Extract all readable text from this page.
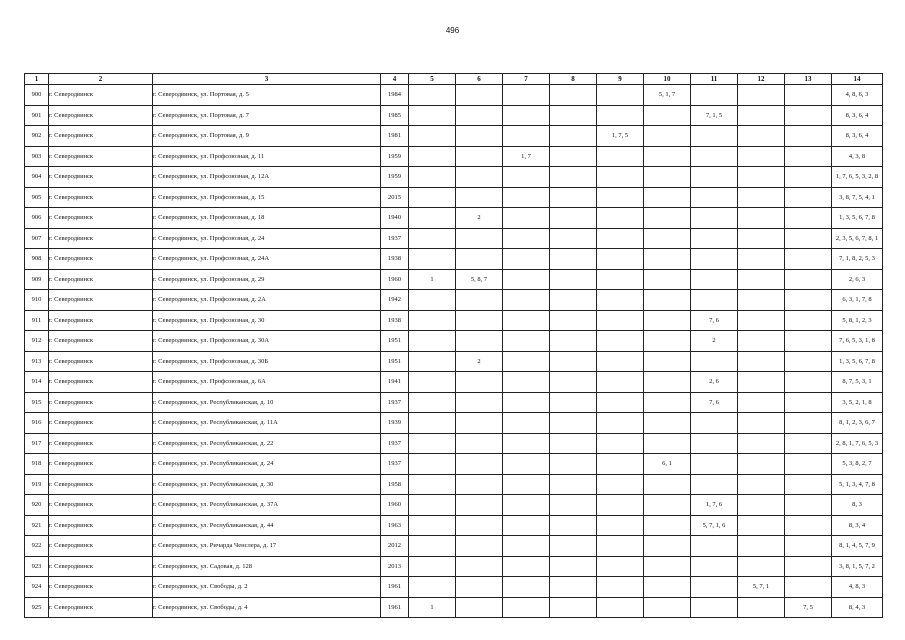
496
1	2	3	4	5	6	7	8	9	10	11	12	13	14
900	г. Северодвинск	г. Северодвинск, ул. Портовая, д. 5	1984						5, 1, 7				4, 8, 6, 3
901	г. Северодвинск	г. Северодвинск, ул. Портовая, д. 7	1985							7, 1, 5			8, 3, 6, 4
902	г. Северодвинск	г. Северодвинск, ул. Портовая, д. 9	1981					1, 7, 5					8, 3, 6, 4
903	г. Северодвинск	г. Северодвинск, ул. Профсоюзная, д. 11	1959			1, 7							4, 3, 8
904	г. Северодвинск	г. Северодвинск, ул. Профсоюзная, д. 12А	1959										1, 7, 6, 5, 3, 2, 8
905	г. Северодвинск	г. Северодвинск, ул. Профсоюзная, д. 15	2015										3, 8, 7, 5, 4, 1
906	г. Северодвинск	г. Северодвинск, ул. Профсоюзная, д. 18	1940		2								1, 3, 5, 6, 7, 8
907	г. Северодвинск	г. Северодвинск, ул. Профсоюзная, д. 24	1937										2, 3, 5, 6, 7, 8, 1
908	г. Северодвинск	г. Северодвинск, ул. Профсоюзная, д. 24А	1938										7, 1, 8, 2, 5, 3
909	г. Северодвинск	г. Северодвинск, ул. Профсоюзная, д. 29	1960	1	5, 8, 7								2, 6, 3
910	г. Северодвинск	г. Северодвинск, ул. Профсоюзная, д. 2А	1942										6, 3, 1, 7, 8
911	г. Северодвинск	г. Северодвинск, ул. Профсоюзная, д. 30	1938							7, 6			5, 8, 1, 2, 3
912	г. Северодвинск	г. Северодвинск, ул. Профсоюзная, д. 30А	1951							2			7, 6, 5, 3, 1, 8
913	г. Северодвинск	г. Северодвинск, ул. Профсоюзная, д. 30Б	1951		2								1, 3, 5, 6, 7, 8
914	г. Северодвинск	г. Северодвинск, ул. Профсоюзная, д. 6А	1941							2, 6			8, 7, 5, 3, 1
915	г. Северодвинск	г. Северодвинск, ул. Республиканская, д. 10	1937							7, 6			3, 5, 2, 1, 8
916	г. Северодвинск	г. Северодвинск, ул. Республиканская, д. 11А	1939										8, 1, 2, 3, 6, 7
917	г. Северодвинск	г. Северодвинск, ул. Республиканская, д. 22	1937										2, 8, 1, 7, 6, 5, 3
918	г. Северодвинск	г. Северодвинск, ул. Республиканская, д. 24	1937						6, 1				5, 3, 8, 2, 7
919	г. Северодвинск	г. Северодвинск, ул. Республиканская, д. 30	1958										5, 1, 3, 4, 7, 8
920	г. Северодвинск	г. Северодвинск, ул. Республиканская, д. 37А	1960							1, 7, 6			8, 3
921	г. Северодвинск	г. Северодвинск, ул. Республиканская, д. 44	1963							5, 7, 1, 6			8, 3, 4
922	г. Северодвинск	г. Северодвинск, ул. Ричарда Ченслера, д. 17	2012										8, 1, 4, 5, 7, 9
923	г. Северодвинск	г. Северодвинск, ул. Садовая, д. 128	2013										3, 8, 1, 5, 7, 2
924	г. Северодвинск	г. Северодвинск, ул. Свободы, д. 2	1961								5, 7, 1		4, 8, 3
925	г. Северодвинск	г. Северодвинск, ул. Свободы, д. 4	1961	1								7, 5	8, 4, 3
